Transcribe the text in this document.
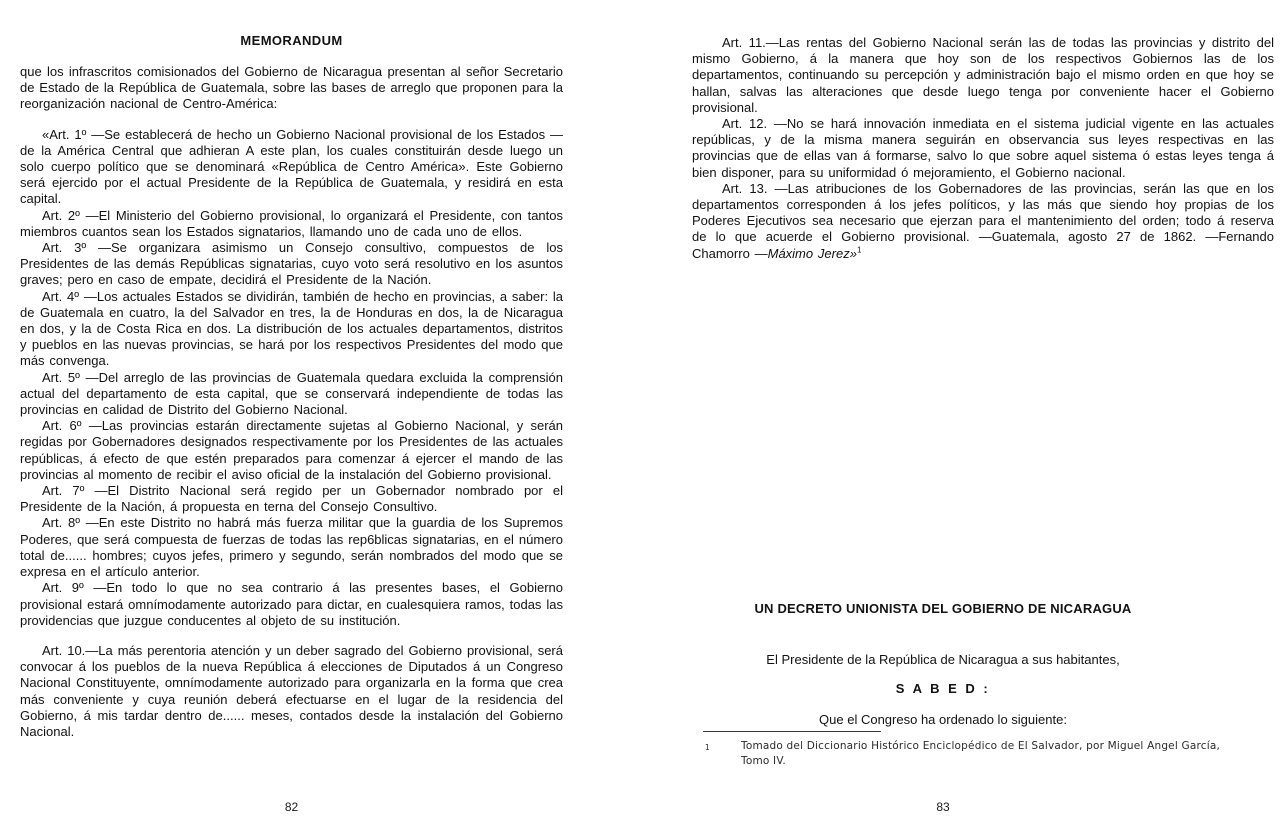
MEMORANDUM

que los infrascritos comisionados del Gobierno de Nicaragua presentan al señor Secretario de Estado de la República de Guatemala, sobre las bases de arreglo que proponen para la reorganización nacional de Centro-América:

«Art. 1º —Se establecerá de hecho un Gobierno Nacional provisional de los Estados —de la América Central que adhieran A este plan, los cuales constituirán desde luego un solo cuerpo político que se denominará «República de Centro América». Este Gobierno será ejercido por el actual Presidente de la República de Guatemala, y residirá en esta capital.

Art. 2º —El Ministerio del Gobierno provisional, lo organizará el Presidente, con tantos miembros cuantos sean los Estados signatarios, llamando uno de cada uno de ellos.

Art. 3º —Se organizara asimismo un Consejo consultivo, compuestos de los Presidentes de las demás Repúblicas signatarias, cuyo voto será resolutivo en los asuntos graves; pero en caso de empate, decidirá el Presidente de la Nación.

Art. 4º —Los actuales Estados se dividirán, también de hecho en provincias, a saber: la de Guatemala en cuatro, la del Salvador en tres, la de Honduras en dos, la de Nicaragua en dos, y la de Costa Rica en dos. La distribución de los actuales departamentos, distritos y pueblos en las nuevas provincias, se hará por los respectivos Presidentes del modo que más convenga.

Art. 5º —Del arreglo de las provincias de Guatemala quedara excluida la comprensión actual del departamento de esta capital, que se conservará independiente de todas las provincias en calidad de Distrito del Gobierno Nacional.

Art. 6º —Las provincias estarán directamente sujetas al Gobierno Nacional, y serán regidas por Gobernadores designados respectivamente por los Presidentes de las actuales repúblicas, á efecto de que estén preparados para comenzar á ejercer el mando de las provincias al momento de recibir el aviso oficial de la instalación del Gobierno provisional.

Art. 7º —El Distrito Nacional será regido per un Gobernador nombrado por el Presidente de la Nación, á propuesta en terna del Consejo Consultivo.

Art. 8º —En este Distrito no habrá más fuerza militar que la guardia de los Supremos Poderes, que será compuesta de fuerzas de todas las rep6blicas signatarias, en el número total de...... hombres; cuyos jefes, primero y segundo, serán nombrados del modo que se expresa en el artículo anterior.

Art. 9º —En todo lo que no sea contrario á las presentes bases, el Gobierno provisional estará omnímodamente autorizado para dictar, en cualesquiera ramos, todas las providencias que juzgue conducentes al objeto de su institución.

Art. 10.—La más perentoria atención y un deber sagrado del Gobierno provisional, será convocar á los pueblos de la nueva República á elecciones de Diputados á un Congreso Nacional Constituyente, omnímodamente autorizado para organizarla en la forma que crea más conveniente y cuya reunión deberá efectuarse en el lugar de la residencia del Gobierno, á mis tardar dentro de...... meses, contados desde la instalación del Gobierno Nacional.

Art. 11.—Las rentas del Gobierno Nacional serán las de todas las provincias y distrito del mismo Gobierno, á la manera que hoy son de los respectivos Gobiernos las de los departamentos, continuando su percepción y administración bajo el mismo orden en que hoy se hallan, salvas las alteraciones que desde luego tenga por conveniente hacer el Gobierno provisional.

Art. 12. —No se hará innovación inmediata en el sistema judicial vigente en las actuales repúblicas, y de la misma manera seguirán en observancia sus leyes respectivas en las provincias que de ellas van á formarse, salvo lo que sobre aquel sistema ó estas leyes tenga á bien disponer, para su uniformidad ó mejoramiento, el Gobierno nacional.

Art. 13. —Las atribuciones de los Gobernadores de las provincias, serán las que en los departamentos corresponden á los jefes políticos, y las más que siendo hoy propias de los Poderes Ejecutivos sea necesario que ejerzan para el mantenimiento del orden; todo á reserva de lo que acuerde el Gobierno provisional. —Guatemala, agosto 27 de 1862. —Fernando Chamorro —Máximo Jerez»$^1$

UN DECRETO UNIONISTA DEL GOBIERNO DE NICARAGUA

El Presidente de la República de Nicaragua a sus habitantes,

S A B E D :

Que el Congreso ha ordenado lo siguiente:

1	Tomado del Diccionario Histórico Enciclopédico de El Salvador, por Miguel Angel García,
Tomo IV.
82	83
